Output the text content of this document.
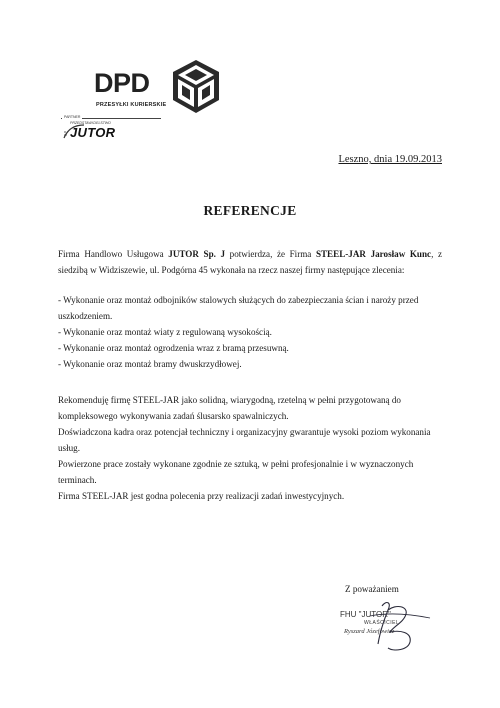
DPD
PRZESYŁKI KURIERSKIE
PARTNER
PRZEDSTAWICIELSTWO
JUTOR
Leszno, dnia 19.09.2013
REFERENCJE
Firma Handlowo Usługowa JUTOR Sp. J potwierdza, że Firma STEEL-JAR Jarosław Kunc, z siedzibą w Widziszewie, ul. Podgórna 45 wykonała na rzecz naszej firmy następujące zlecenia:
- Wykonanie oraz montaż odbojników stalowych służących do zabezpieczania ścian i naroży przed uszkodzeniem.
- Wykonanie oraz montaż wiaty z regulowaną wysokością.
- Wykonanie oraz montaż ogrodzenia wraz z bramą przesuwną.
- Wykonanie oraz montaż bramy dwuskrzydłowej.
Rekomenduję firmę STEEL-JAR jako solidną, wiarygodną, rzetelną w pełni przygotowaną do kompleksowego wykonywania zadań ślusarsko spawalniczych.
Doświadczona kadra oraz potencjał techniczny i organizacyjny gwarantuje wysoki poziom wykonania usług.
Powierzone prace zostały wykonane zgodnie ze sztuką, w pełni profesjonalnie i w wyznaczonych terminach.
Firma STEEL-JAR jest godna polecenia przy realizacji zadań inwestycyjnych.
Z poważaniem
FHU "JUTOR"
WŁAŚCICIEL
Ryszard Józefowicz
